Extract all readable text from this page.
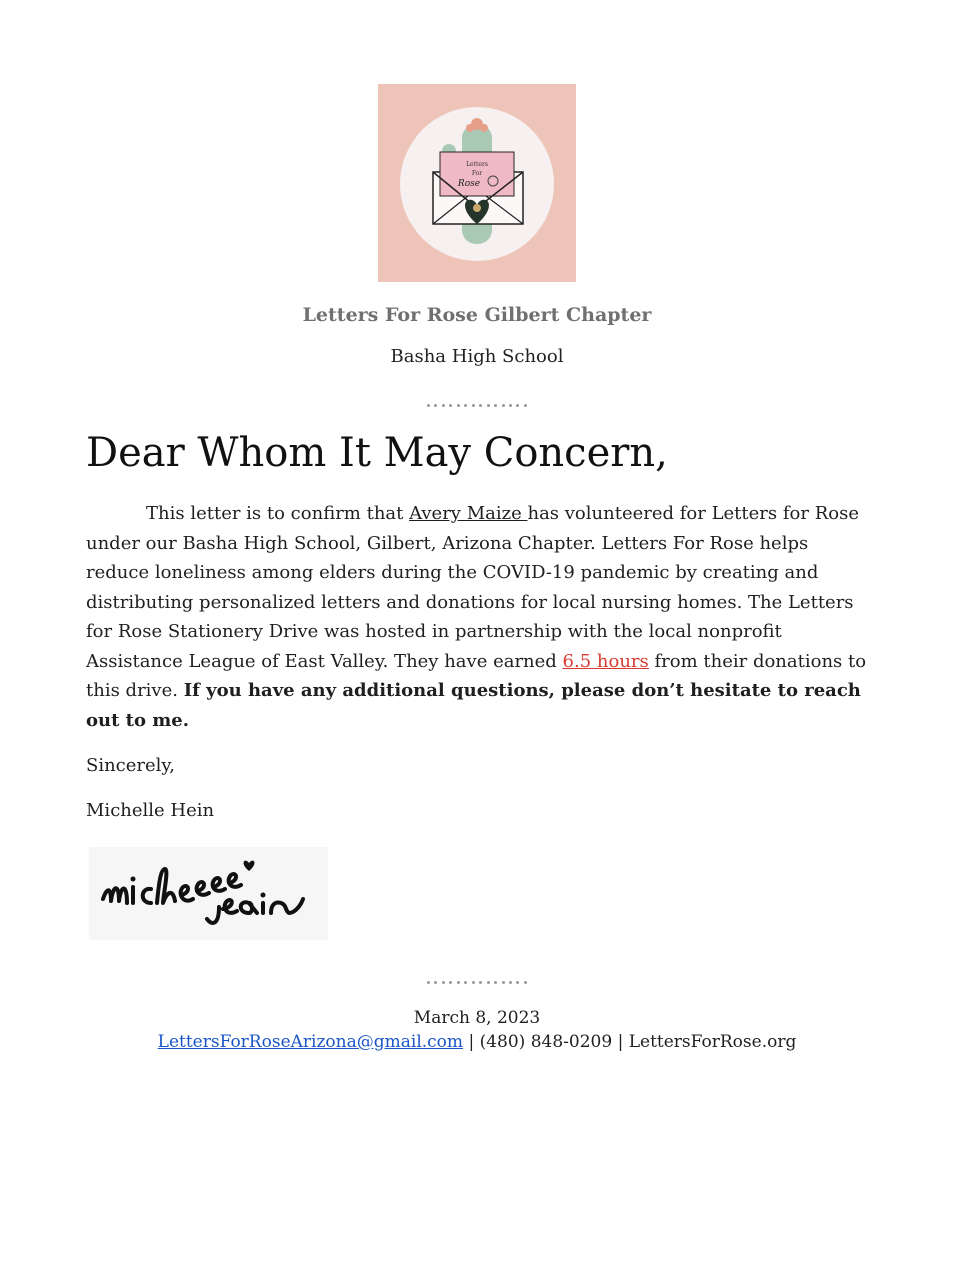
Letters
For
Rose
Letters For Rose Gilbert Chapter
Basha High School
Dear Whom It May Concern,

This letter is to confirm that Avery Maize has volunteered for Letters for Rose under our Basha High School, Gilbert, Arizona Chapter. Letters For Rose helps reduce loneliness among elders during the COVID-19 pandemic by creating and distributing personalized letters and donations for local nursing homes. The Letters for Rose Stationery Drive was hosted in partnership with the local nonprofit Assistance League of East Valley. They have earned 6.5 hours from their donations to this drive. If you have any additional questions, please don’t hesitate to reach out to me.

Sincerely,
Michelle Hein
March 8, 2023
LettersForRoseArizona@gmail.com | (480) 848-0209 | LettersForRose.org
